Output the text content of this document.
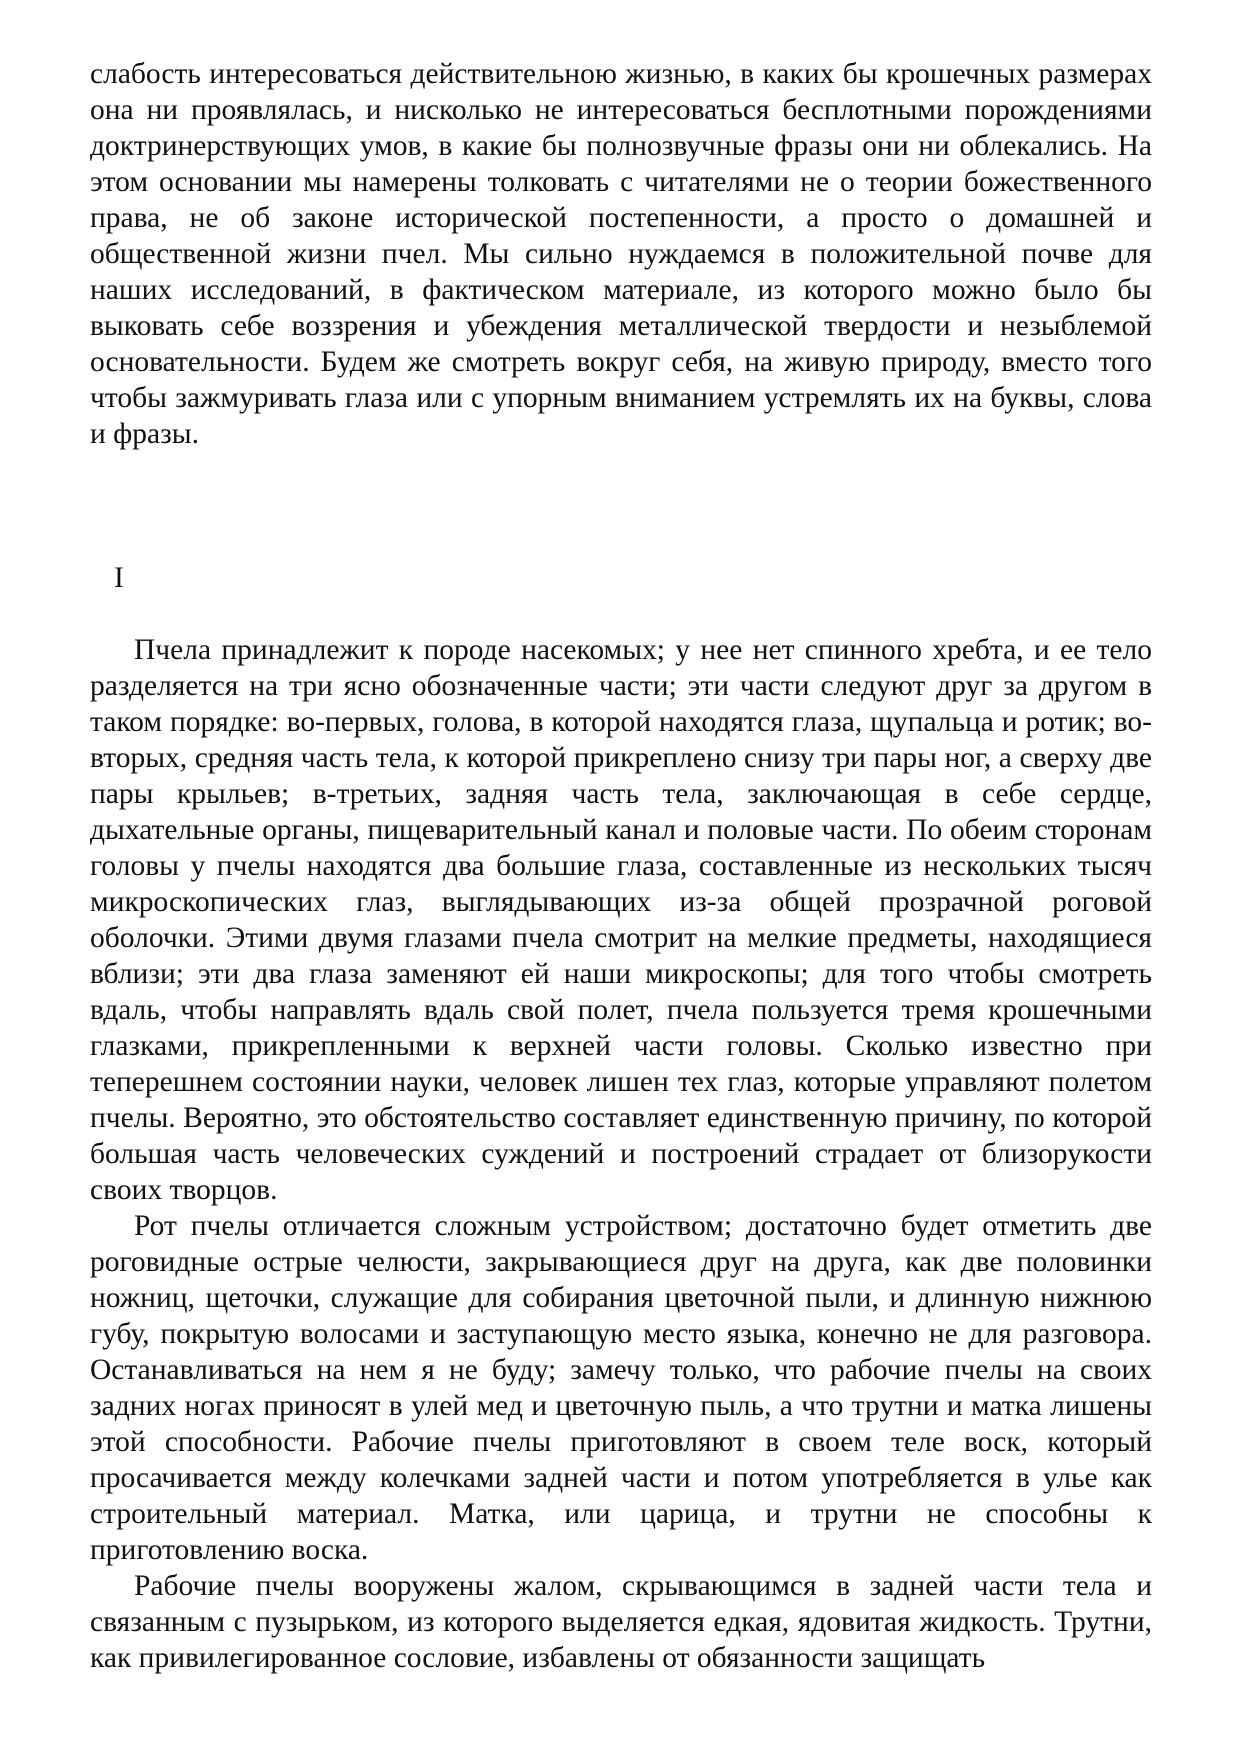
слабость интересоваться действительною жизнью, в каких бы крошечных размерах она ни проявлялась, и нисколько не интересоваться бесплотными порождениями доктринерствующих умов, в какие бы полнозвучные фразы они ни облекались. На этом основании мы намерены толковать с читателями не о теории божественного права, не об законе исторической постепенности, а просто о домашней и общественной жизни пчел. Мы сильно нуждаемся в положительной почве для наших исследований, в фактическом материале, из которого можно было бы выковать себе воззрения и убеждения металлической твердости и незыблемой основательности. Будем же смотреть вокруг себя, на живую природу, вместо того чтобы зажмуривать глаза или с упорным вниманием устремлять их на буквы, слова и фразы.

I

Пчела принадлежит к породе насекомых; у нее нет спинного хребта, и ее тело разделяется на три ясно обозначенные части; эти части следуют друг за другом в таком порядке: во-первых, голова, в которой находятся глаза, щупальца и ротик; во-вторых, средняя часть тела, к которой прикреплено снизу три пары ног, а сверху две пары крыльев; в-третьих, задняя часть тела, заключающая в себе сердце, дыхательные органы, пищеварительный канал и половые части. По обеим сторонам головы у пчелы находятся два большие глаза, составленные из нескольких тысяч микроскопических глаз, выглядывающих из-за общей прозрачной роговой оболочки. Этими двумя глазами пчела смотрит на мелкие предметы, находящиеся вблизи; эти два глаза заменяют ей наши микроскопы; для того чтобы смотреть вдаль, чтобы направлять вдаль свой полет, пчела пользуется тремя крошечными глазками, прикрепленными к верхней части головы. Сколько известно при теперешнем состоянии науки, человек лишен тех глаз, которые управляют полетом пчелы. Вероятно, это обстоятельство составляет единственную причину, по которой большая часть человеческих суждений и построений страдает от близорукости своих творцов.

Рот пчелы отличается сложным устройством; достаточно будет отметить две роговидные острые челюсти, закрывающиеся друг на друга, как две половинки ножниц, щеточки, служащие для собирания цветочной пыли, и длинную нижнюю губу, покрытую волосами и заступающую место языка, конечно не для разговора. Останавливаться на нем я не буду; замечу только, что рабочие пчелы на своих задних ногах приносят в улей мед и цветочную пыль, а что трутни и матка лишены этой способности. Рабочие пчелы приготовляют в своем теле воск, который просачивается между колечками задней части и потом употребляется в улье как строительный материал. Матка, или царица, и трутни не способны к приготовлению воска.

Рабочие пчелы вооружены жалом, скрывающимся в задней части тела и связанным с пузырьком, из которого выделяется едкая, ядовитая жидкость. Трутни, как привилегированное сословие, избавлены от обязанности защищать
